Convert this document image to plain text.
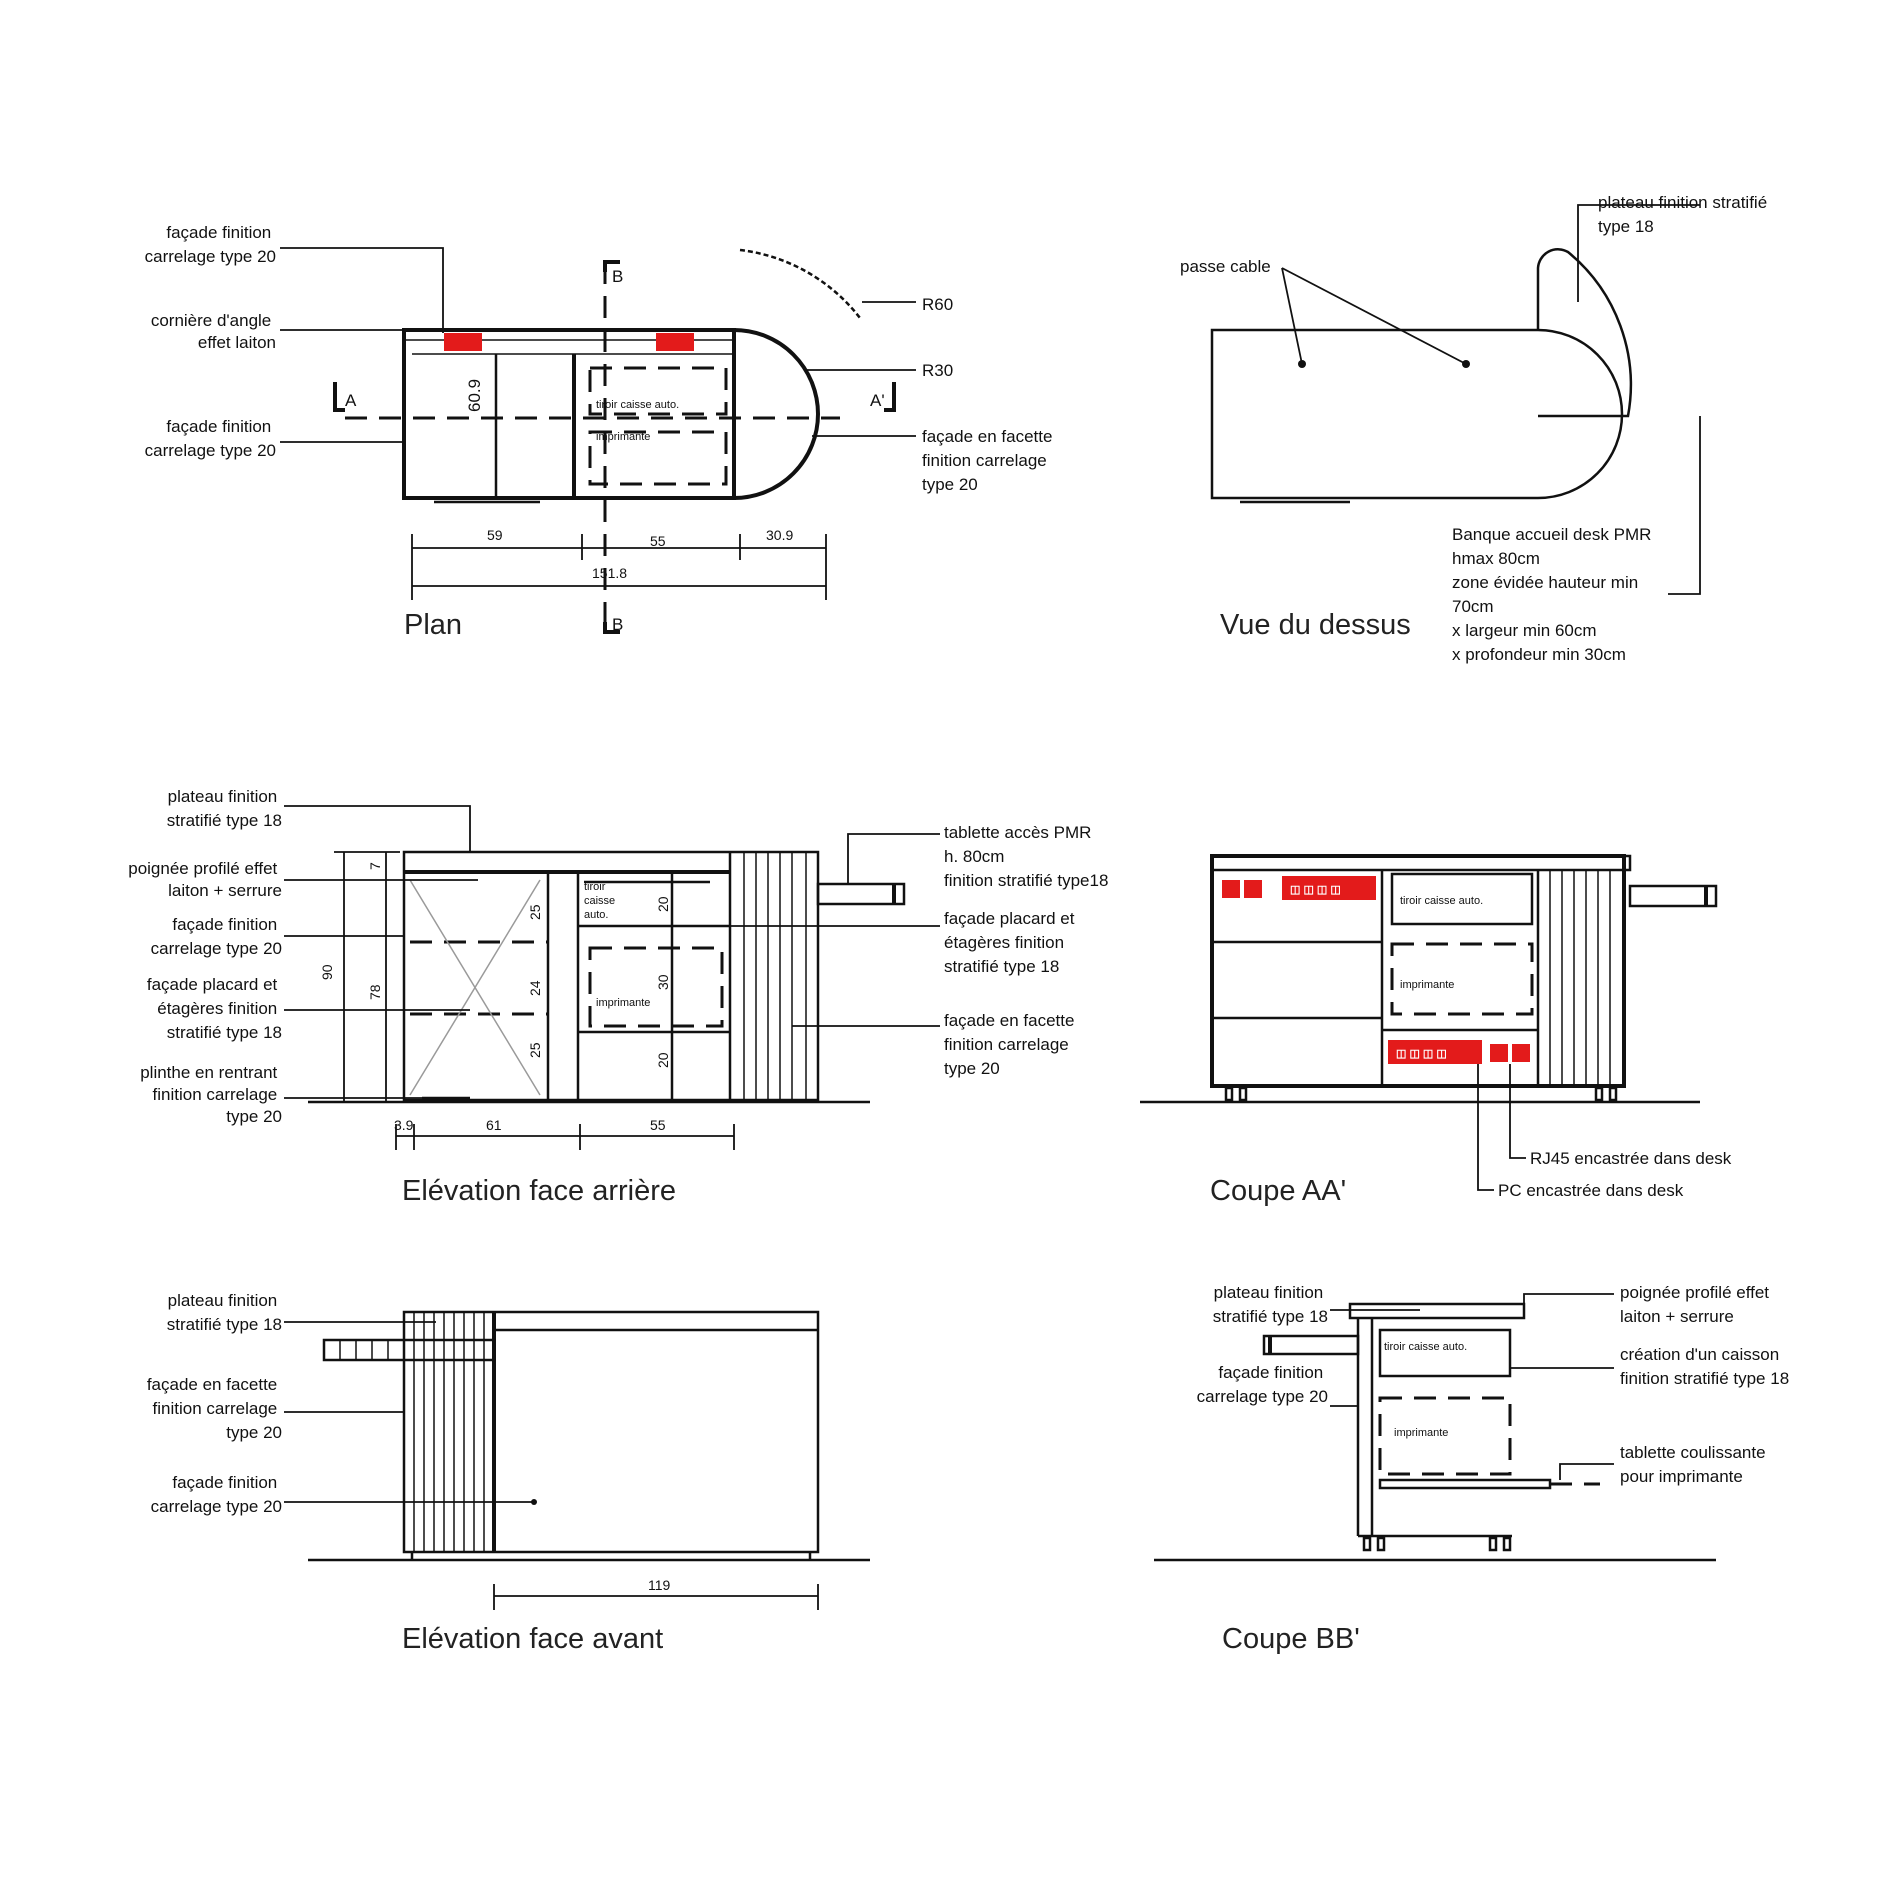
tiroir caisse auto.
imprimante
60.9
A	A'
B
B
façade finition carrelage type 20
cornière d'angle effet laiton
façade finition carrelage type 20
R60
R30
façade en facette finition carrelage type 20
59	55	30.9
151.8
Plan
passe cable
plateau finition stratifié type 18
Banque accueil desk PMR hmax 80cm zone évidée hauteur min 70cm x largeur min 60cm x profondeur min 30cm
Vue du dessus
tiroir caisse auto.
imprimante
90
78
7
25
24
25
20
30
20
3.9	61	55
plateau finition stratifié type 18
poignée profilé effet laiton + serrure
façade finition carrelage type 20
façade placard et étagères finition stratifié type 18
plinthe en rentrant finition carrelage type 20
tablette accès PMR h. 80cm finition stratifié type18
façade placard et étagères finition stratifié type 18
façade en facette finition carrelage type 20
Elévation face arrière
◫ ◫ ◫ ◫
◫ ◫ ◫ ◫
tiroir caisse auto.
imprimante
RJ45 encastrée dans desk
PC encastrée dans desk
Coupe AA'
119
plateau finition stratifié type 18
façade en facette finition carrelage type 20
façade finition carrelage type 20
Elévation face avant
tiroir caisse auto.
imprimante
plateau finition stratifié type 18
façade finition carrelage type 20
poignée profilé effet laiton + serrure
création d'un caisson finition stratifié type 18
tablette coulissante pour imprimante
Coupe BB'
